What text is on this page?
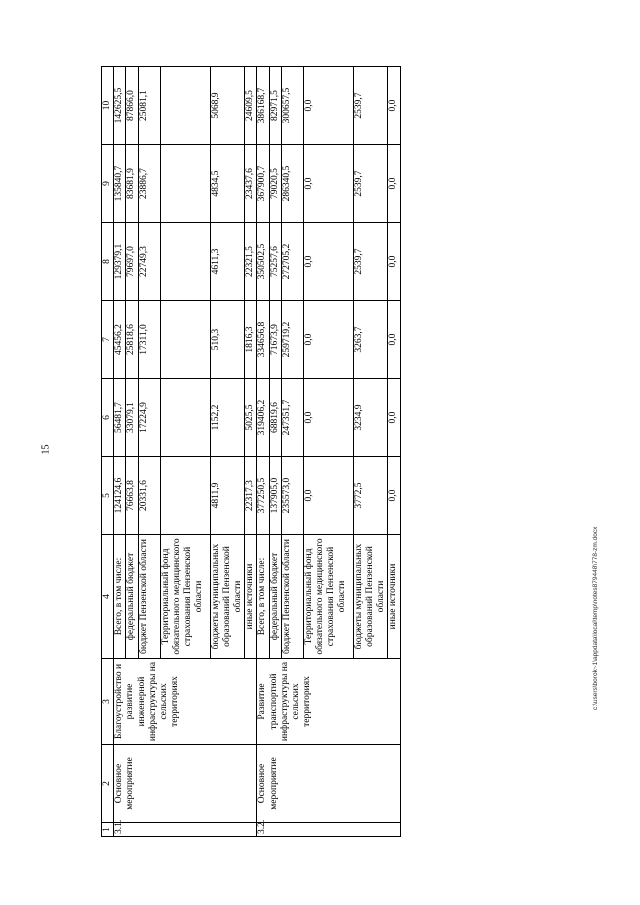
15
c:\users\borok~1\appdata\local\temp\notes879448\778-zm.docx
1	2	3	4	5	6	7	8	9	10
3.1.	Основное мероприятие	Благоустройство и развитие инженерной инфраструктуры на сельских территориях	Всего, в том числе:	124124,6	56481,7	45456,2	129379,1	135840,7	142625,5
			федеральный бюджет	76663,8	33079,1	25818,6	79697,0	83681,9	87866,0
			бюджет Пензенской области	20331,6	17224,9	17311,0	22749,3	23886,7	25081,1
			Территориальный фонд обязательного медицинского страхования Пензенской области						
			бюджеты муниципальных образований Пензенской области	4811,9	1152,2	510,3	4611,3	4834,5	5068,9
			иные источники	22317,3	5025,5	1816,3	22321,5	23437,6	24609,5
3.2.	Основное мероприятие	Развитие транспортной инфраструктуры на сельских территориях	Всего, в том числе:	377250,5	319406,2	334656,8	350502,5	367900,7	386168,7
			федеральный бюджет	137905,0	68819,6	71673,9	75257,6	79020,5	82971,5
			бюджет Пензенской области	235573,0	247351,7	259719,2	272705,2	286340,5	300657,5
			Территориальный фонд обязательного медицинского страхования Пензенской области	0,0	0,0	0,0	0,0	0,0	0,0
			бюджеты муниципальных образований Пензенской области	3772,5	3234,9	3263,7	2539,7	2539,7	2539,7
			иные источники	0,0	0,0	0,0	0,0	0,0	0,0
